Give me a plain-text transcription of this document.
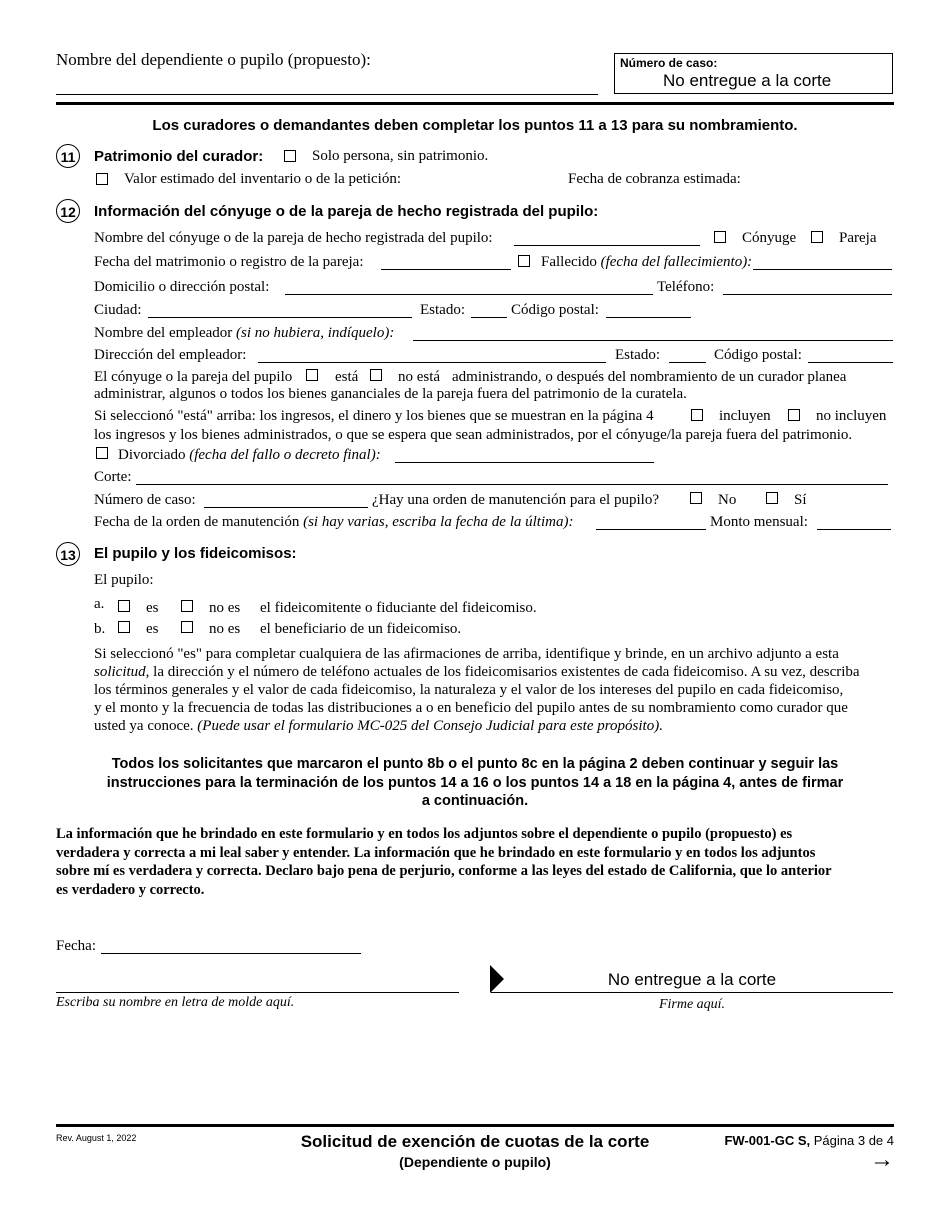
Nombre del dependiente o pupilo (propuesto):	Número de caso:
No entregue a la corte
Los curadores o demandantes deben completar los puntos 11 a 13 para su nombramiento.
11	Patrimonio del curador:	Solo persona, sin patrimonio.
Valor estimado del inventario o de la petición:	Fecha de cobranza estimada:
12 Información del cónyuge o de la pareja de hecho registrada del pupilo:
Nombre del cónyuge o de la pareja de hecho registrada del pupilo:	Cónyuge	Pareja
Fecha del matrimonio o registro de la pareja:	Fallecido (fecha del fallecimiento):
Domicilio o dirección postal:	Teléfono:
Ciudad:	Estado:	Código postal:
Nombre del empleador (si no hubiera, indíquelo):
Dirección del empleador:	Estado:	Código postal:
El cónyuge o la pareja del pupilo	está	no está administrando, o después del nombramiento de un curador planea
administrar, algunos o todos los bienes gananciales de la pareja fuera del patrimonio de la curatela.
Si seleccionó "está" arriba: los ingresos, el dinero y los bienes que se muestran en la página 4	incluyen	no incluyen
los ingresos y los bienes administrados, o que se espera que sean administrados, por el cónyuge/la pareja fuera del patrimonio.
Divorciado (fecha del fallo o decreto final):
Corte:
Número de caso:	¿Hay una orden de manutención para el pupilo?	No	Sí
Fecha de la orden de manutención (si hay varias, escriba la fecha de la última):	Monto mensual:
13 El pupilo y los fideicomisos:
El pupilo:
a.	es	no es el fideicomitente o fiduciante del fideicomiso.
b.	es	no es el beneficiario de un fideicomiso.
Si seleccionó "es" para completar cualquiera de las afirmaciones de arriba, identifique y brinde, en un archivo adjunto a esta
solicitud, la dirección y el número de teléfono actuales de los fideicomisarios existentes de cada fideicomiso. A su vez, describa
los términos generales y el valor de cada fideicomiso, la naturaleza y el valor de los intereses del pupilo en cada fideicomiso,
y el monto y la frecuencia de todas las distribuciones a o en beneficio del pupilo antes de su nombramiento como curador que
usted ya conoce. (Puede usar el formulario MC-025 del Consejo Judicial para este propósito).
Todos los solicitantes que marcaron el punto 8b o el punto 8c en la página 2 deben continuar y seguir las
instrucciones para la terminación de los puntos 14 a 16 o los puntos 14 a 18 en la página 4, antes de firmar
a continuación.
La información que he brindado en este formulario y en todos los adjuntos sobre el dependiente o pupilo (propuesto) es
verdadera y correcta a mi leal saber y entender. La información que he brindado en este formulario y en todos los adjuntos
sobre mí es verdadera y correcta. Declaro bajo pena de perjurio, conforme a las leyes del estado de California, que lo anterior
es verdadero y correcto.
Fecha:
Escriba su nombre en letra de molde aquí.
No entregue a la corte
Firme aquí.
Rev. August 1, 2022	Solicitud de exención de cuotas de la corte
(Dependiente o pupilo)
FW-001-GC S, Página 3 de 4
→
